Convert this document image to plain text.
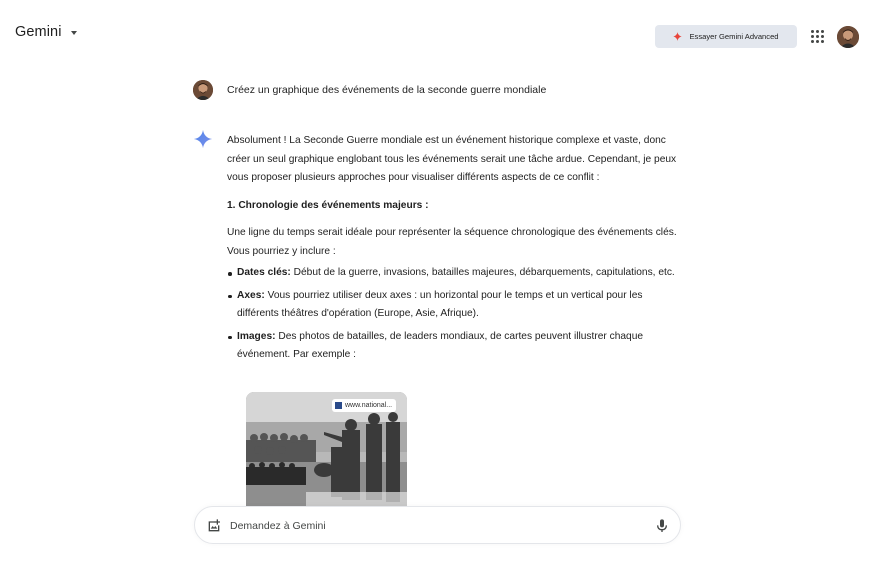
Gemini	Essayer Gemini Advanced
Créez un graphique des événements de la seconde guerre mondiale

Absolument ! La Seconde Guerre mondiale est un événement historique complexe et vaste, donc créer un seul graphique englobant tous les événements serait une tâche ardue. Cependant, je peux vous proposer plusieurs approches pour visualiser différents aspects de ce conflit :

1. Chronologie des événements majeurs :

Une ligne du temps serait idéale pour représenter la séquence chronologique des événements clés. Vous pourriez y inclure :

Dates clés: Début de la guerre, invasions, batailles majeures, débarquements, capitulations, etc.
Axes: Vous pourriez utiliser deux axes : un horizontal pour le temps et un vertical pour les différents théâtres d'opération (Europe, Asie, Afrique).
Images: Des photos de batailles, de leaders mondiaux, de cartes peuvent illustrer chaque événement. Par exemple :
www.national...
Demandez à Gemini
